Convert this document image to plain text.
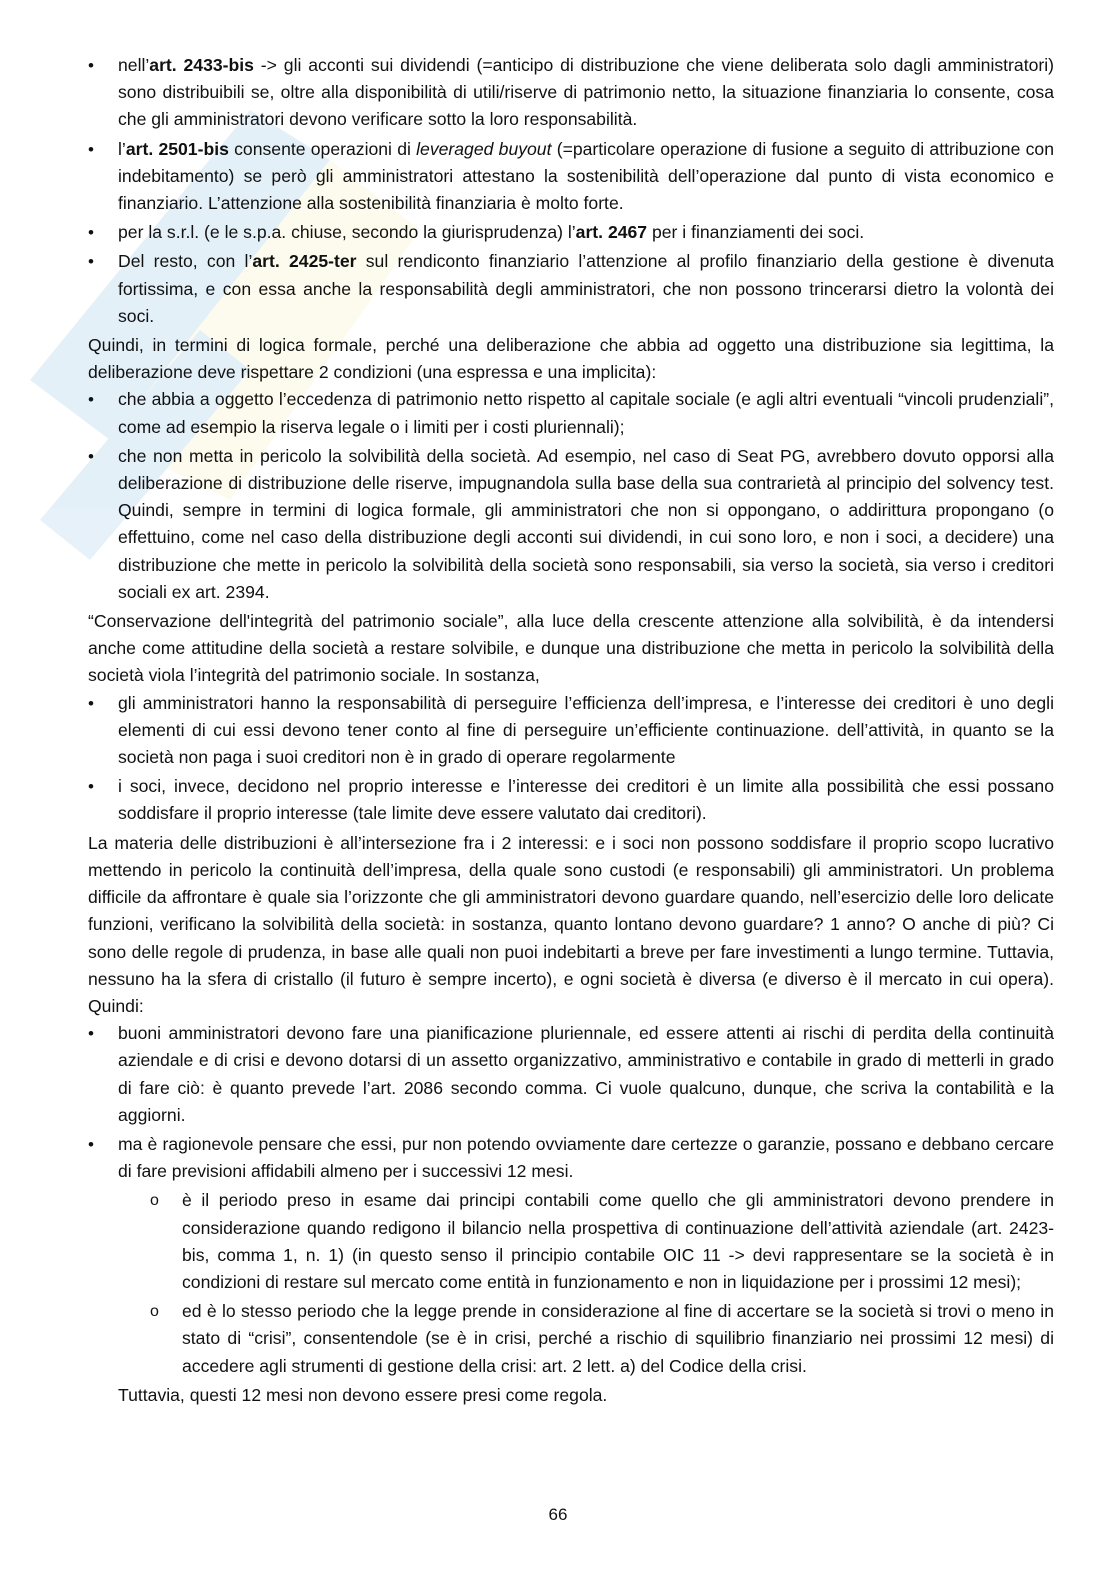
• nell’art. 2433-bis -> gli acconti sui dividendi (=anticipo di distribuzione che viene deliberata solo dagli amministratori) sono distribuibili se, oltre alla disponibilità di utili/riserve di patrimonio netto, la situazione finanziaria lo consente, cosa che gli amministratori devono verificare sotto la loro responsabilità.
• l’art. 2501-bis consente operazioni di leveraged buyout (=particolare operazione di fusione a seguito di attribuzione con indebitamento) se però gli amministratori attestano la sostenibilità dell’operazione dal punto di vista economico e finanziario. L’attenzione alla sostenibilità finanziaria è molto forte.
• per la s.r.l. (e le s.p.a. chiuse, secondo la giurisprudenza) l’art. 2467 per i finanziamenti dei soci.
• Del resto, con l’art. 2425-ter sul rendiconto finanziario l’attenzione al profilo finanziario della gestione è divenuta fortissima, e con essa anche la responsabilità degli amministratori, che non possono trincerarsi dietro la volontà dei soci.

Quindi, in termini di logica formale, perché una deliberazione che abbia ad oggetto una distribuzione sia legittima, la deliberazione deve rispettare 2 condizioni (una espressa e una implicita):

• che abbia a oggetto l’eccedenza di patrimonio netto rispetto al capitale sociale (e agli altri eventuali “vincoli prudenziali”, come ad esempio la riserva legale o i limiti per i costi pluriennali);
• che non metta in pericolo la solvibilità della società. Ad esempio, nel caso di Seat PG, avrebbero dovuto opporsi alla deliberazione di distribuzione delle riserve, impugnandola sulla base della sua contrarietà al principio del solvency test. Quindi, sempre in termini di logica formale, gli amministratori che non si oppongano, o addirittura propongano (o effettuino, come nel caso della distribuzione degli acconti sui dividendi, in cui sono loro, e non i soci, a decidere) una distribuzione che mette in pericolo la solvibilità della società sono responsabili, sia verso la società, sia verso i creditori sociali ex art. 2394.

“Conservazione dell'integrità del patrimonio sociale”, alla luce della crescente attenzione alla solvibilità, è da intendersi anche come attitudine della società a restare solvibile, e dunque una distribuzione che metta in pericolo la solvibilità della società viola l’integrità del patrimonio sociale. In sostanza,

• gli amministratori hanno la responsabilità di perseguire l’efficienza dell’impresa, e l’interesse dei creditori è uno degli elementi di cui essi devono tener conto al fine di perseguire un’efficiente continuazione. dell’attività, in quanto se la società non paga i suoi creditori non è in grado di operare regolarmente
• i soci, invece, decidono nel proprio interesse e l’interesse dei creditori è un limite alla possibilità che essi possano soddisfare il proprio interesse (tale limite deve essere valutato dai creditori).

La materia delle distribuzioni è all’intersezione fra i 2 interessi: e i soci non possono soddisfare il proprio scopo lucrativo mettendo in pericolo la continuità dell’impresa, della quale sono custodi (e responsabili) gli amministratori. Un problema difficile da affrontare è quale sia l’orizzonte che gli amministratori devono guardare quando, nell’esercizio delle loro delicate funzioni, verificano la solvibilità della società: in sostanza, quanto lontano devono guardare? 1 anno? O anche di più? Ci sono delle regole di prudenza, in base alle quali non puoi indebitarti a breve per fare investimenti a lungo termine. Tuttavia, nessuno ha la sfera di cristallo (il futuro è sempre incerto), e ogni società è diversa (e diverso è il mercato in cui opera). Quindi:

• buoni amministratori devono fare una pianificazione pluriennale, ed essere attenti ai rischi di perdita della continuità aziendale e di crisi e devono dotarsi di un assetto organizzativo, amministrativo e contabile in grado di metterli in grado di fare ciò: è quanto prevede l’art. 2086 secondo comma. Ci vuole qualcuno, dunque, che scriva la contabilità e la aggiorni.
• ma è ragionevole pensare che essi, pur non potendo ovviamente dare certezze o garanzie, possano e debbano cercare di fare previsioni affidabili almeno per i successivi 12 mesi.
o è il periodo preso in esame dai principi contabili come quello che gli amministratori devono prendere in considerazione quando redigono il bilancio nella prospettiva di continuazione dell’attività aziendale (art. 2423-bis, comma 1, n. 1) (in questo senso il principio contabile OIC 11 -> devi rappresentare se la società è in condizioni di restare sul mercato come entità in funzionamento e non in liquidazione per i prossimi 12 mesi);
o ed è lo stesso periodo che la legge prende in considerazione al fine di accertare se la società si trovi o meno in stato di “crisi”, consentendole (se è in crisi, perché a rischio di squilibrio finanziario nei prossimi 12 mesi) di accedere agli strumenti di gestione della crisi: art. 2 lett. a) del Codice della crisi.

Tuttavia, questi 12 mesi non devono essere presi come regola.

66
